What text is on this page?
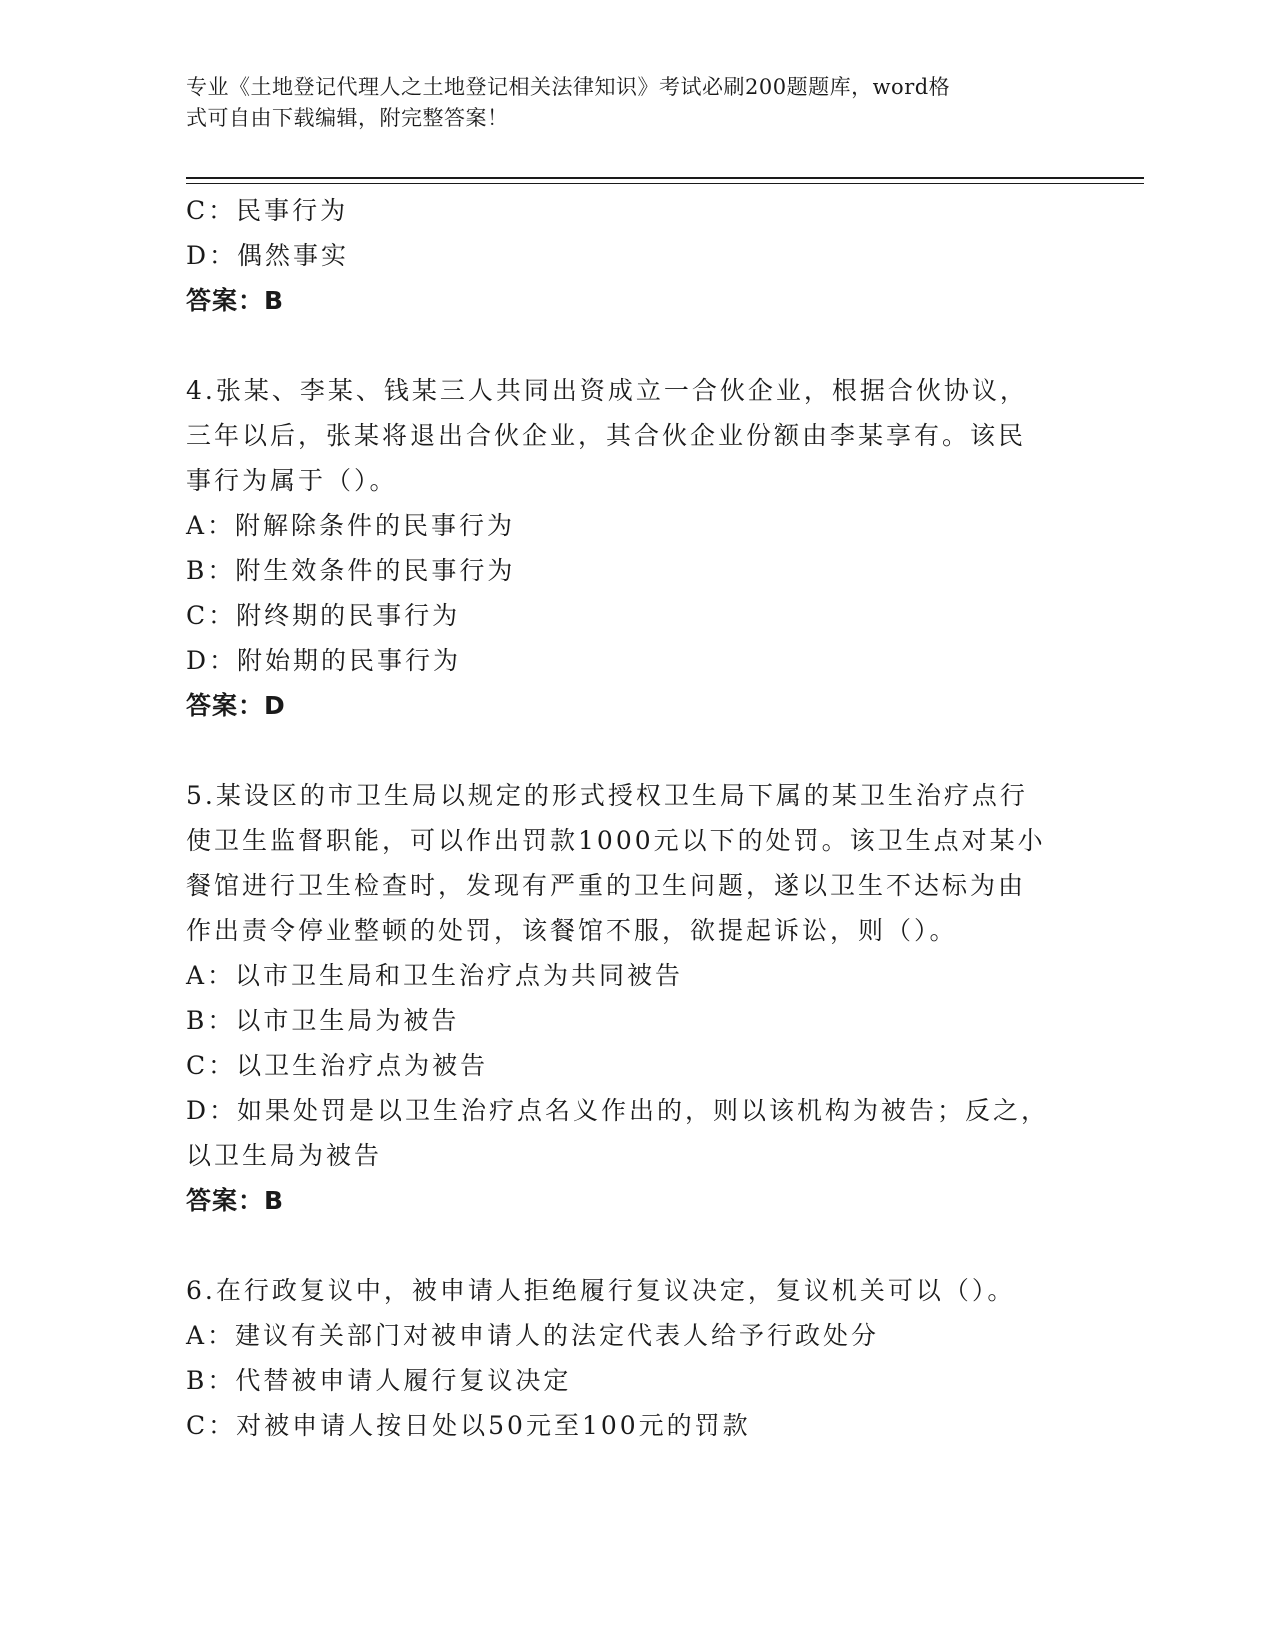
专业《土地登记代理人之土地登记相关法律知识》考试必刷200题题库，word格
式可自由下载编辑，附完整答案！
C：民事行为
D：偶然事实
答案：B
4.张某、李某、钱某三人共同出资成立一合伙企业，根据合伙协议，
三年以后，张某将退出合伙企业，其合伙企业份额由李某享有。该民
事行为属于（）。
A：附解除条件的民事行为
B：附生效条件的民事行为
C：附终期的民事行为
D：附始期的民事行为
答案：D
5.某设区的市卫生局以规定的形式授权卫生局下属的某卫生治疗点行
使卫生监督职能，可以作出罚款1000元以下的处罚。该卫生点对某小
餐馆进行卫生检查时，发现有严重的卫生问题，遂以卫生不达标为由
作出责令停业整顿的处罚，该餐馆不服，欲提起诉讼，则（）。
A：以市卫生局和卫生治疗点为共同被告
B：以市卫生局为被告
C：以卫生治疗点为被告
D：如果处罚是以卫生治疗点名义作出的，则以该机构为被告；反之，
以卫生局为被告
答案：B
6.在行政复议中，被申请人拒绝履行复议决定，复议机关可以（）。
A：建议有关部门对被申请人的法定代表人给予行政处分
B：代替被申请人履行复议决定
C：对被申请人按日处以50元至100元的罚款
